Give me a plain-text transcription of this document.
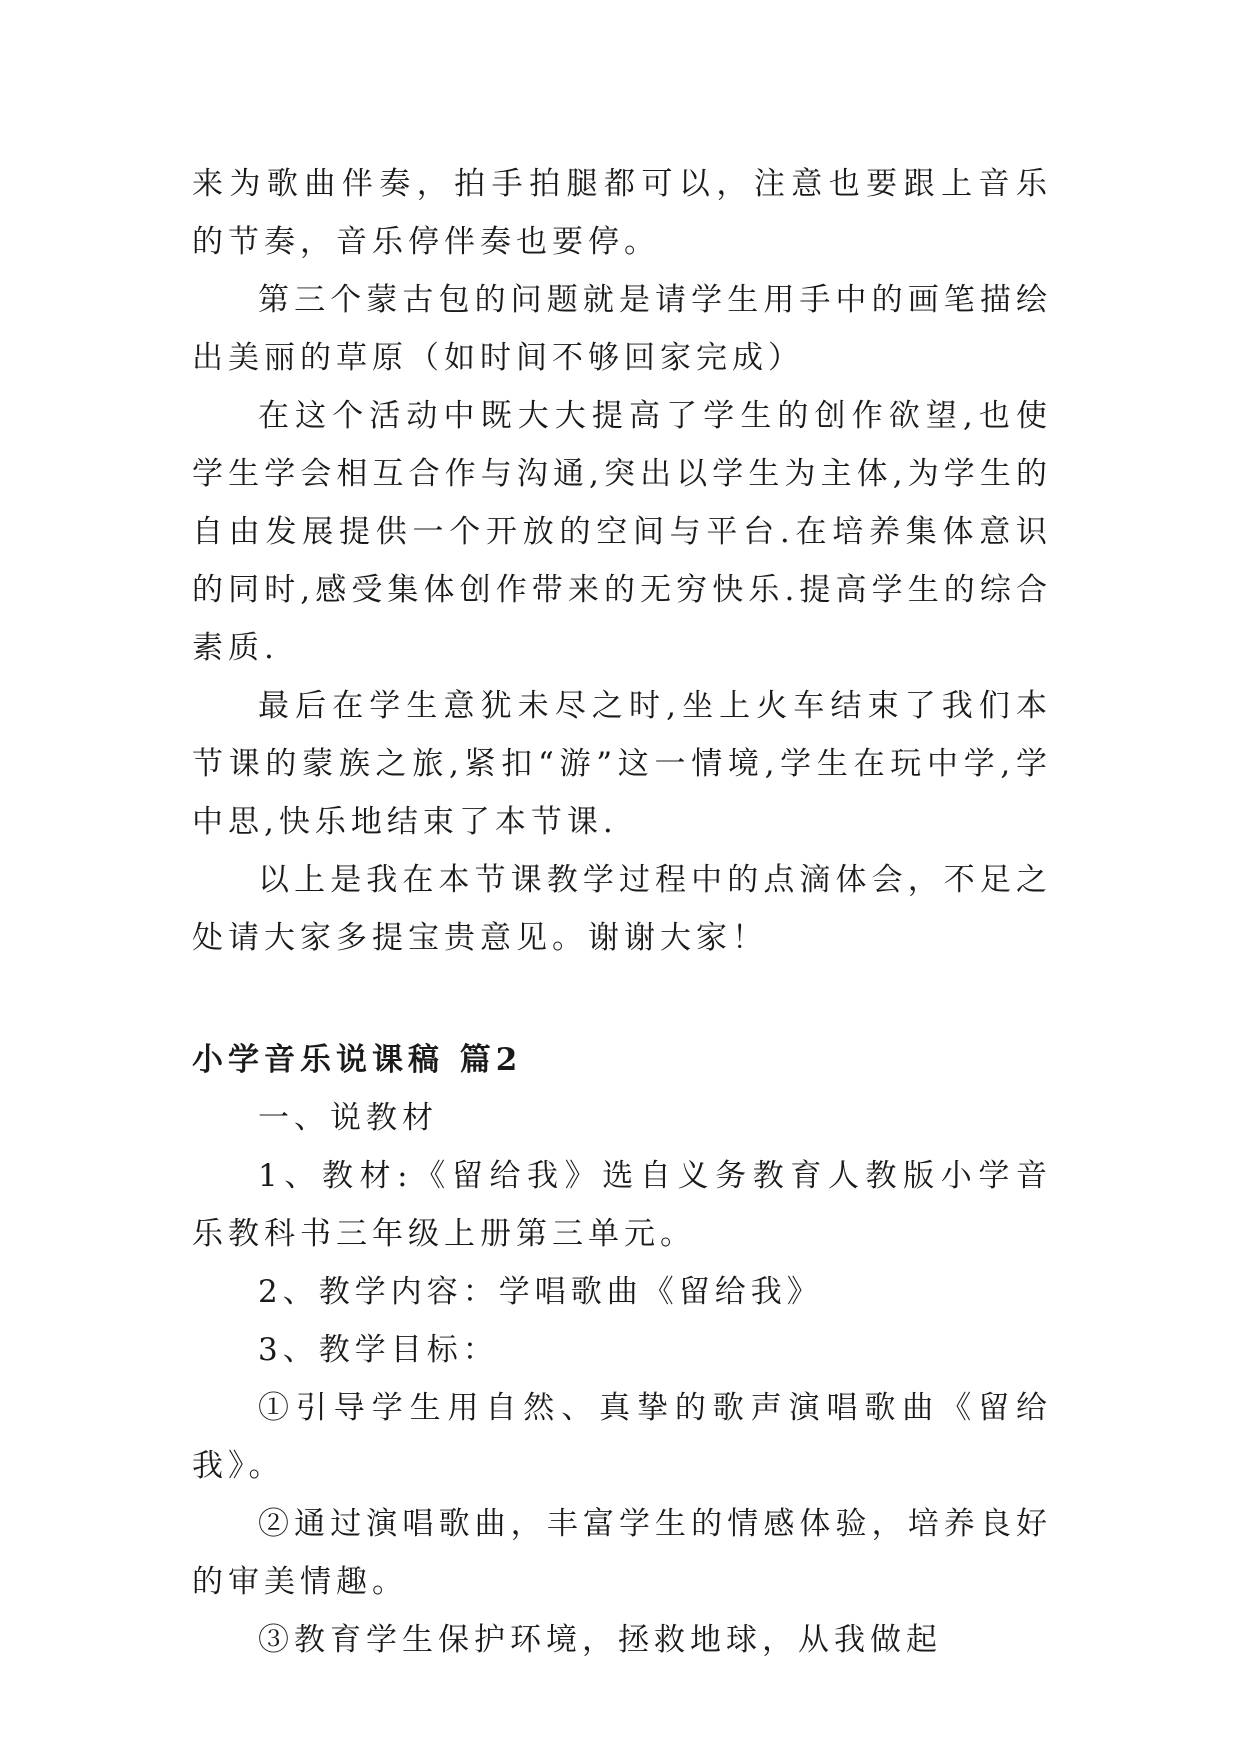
来为歌曲伴奏，拍手拍腿都可以，注意也要跟上音乐的节奏，音乐停伴奏也要停。

第三个蒙古包的问题就是请学生用手中的画笔描绘出美丽的草原（如时间不够回家完成）

在这个活动中既大大提高了学生的创作欲望,也使学生学会相互合作与沟通,突出以学生为主体,为学生的自由发展提供一个开放的空间与平台.在培养集体意识的同时,感受集体创作带来的无穷快乐.提高学生的综合素质.

最后在学生意犹未尽之时,坐上火车结束了我们本节课的蒙族之旅,紧扣“游”这一情境,学生在玩中学,学中思,快乐地结束了本节课.

以上是我在本节课教学过程中的点滴体会，不足之处请大家多提宝贵意见。谢谢大家！

小学音乐说课稿 篇2

一、说教材

1、教材:《留给我》选自义务教育人教版小学音乐教科书三年级上册第三单元。

2、教学内容：学唱歌曲《留给我》

3、教学目标：

①引导学生用自然、真挚的歌声演唱歌曲《留给我》。

②通过演唱歌曲，丰富学生的情感体验，培养良好的审美情趣。

③教育学生保护环境，拯救地球，从我做起
